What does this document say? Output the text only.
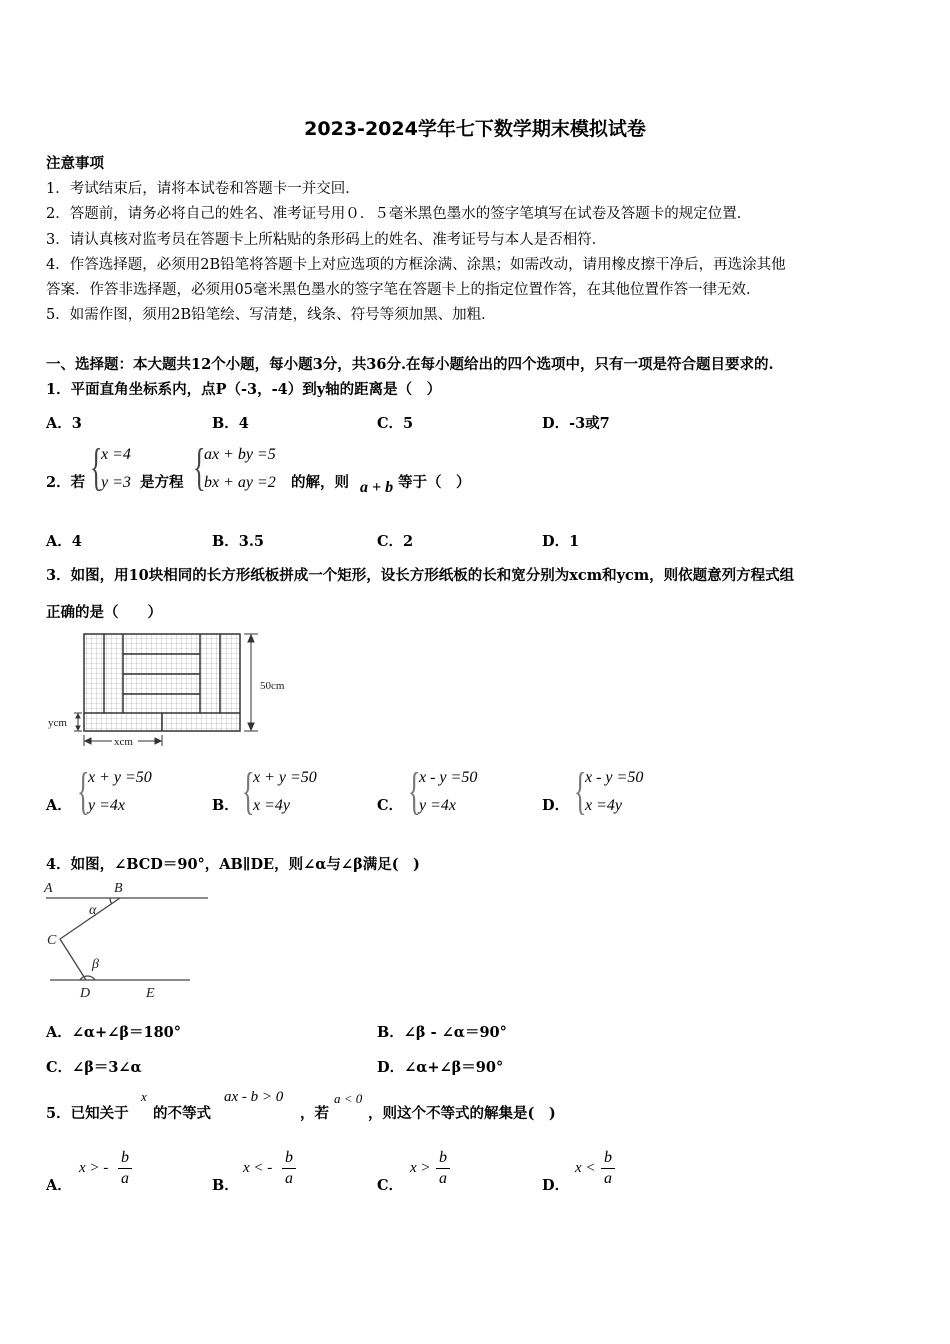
2023-2024学年七下数学期末模拟试卷
注意事项
1．考试结束后，请将本试卷和答题卡一并交回．
2．答题前，请务必将自己的姓名、准考证号用０．５毫米黑色墨水的签字笔填写在试卷及答题卡的规定位置．
3．请认真核对监考员在答题卡上所粘贴的条形码上的姓名、准考证号与本人是否相符．
4．作答选择题，必须用2B铅笔将答题卡上对应选项的方框涂满、涂黑；如需改动，请用橡皮擦干净后，再选涂其他
答案．作答非选择题，必须用05毫米黑色墨水的签字笔在答题卡上的指定位置作答，在其他位置作答一律无效．
5．如需作图，须用2B铅笔绘、写清楚，线条、符号等须加黑、加粗．
一、选择题：本大题共12个小题，每小题3分，共36分.在每小题给出的四个选项中，只有一项是符合题目要求的.
1．平面直角坐标系内，点P（-3，-4）到y轴的距离是（　）
A．3	B．4	C．5	D．-3或7
2．若 {
x =4
y =3 是方程 {
ax + by =5
bx + ay =2 的解，则 a + b 等于（　）
A．4	B．3.5	C．2	D．1
3．如图，用10块相同的长方形纸板拼成一个矩形，设长方形纸板的长和宽分别为xcm和ycm，则依题意列方程式组
正确的是（　　）
50cm
ycm
xcm
A． {
x + y =50
y =4x	B． {
x + y =50
x =4y	C． {
x - y =50
y =4x	D． {
x - y =50
x =4y
4．如图，∠BCD＝90°，AB∥DE，则∠α与∠β满足(　)
A	B
C
D	E
α
β
A．∠α+∠β＝180°	B．∠β - ∠α＝90°
C．∠β＝3∠α	D．∠α+∠β＝90°
5．已知关于
x
的不等式
ax - b > 0
，若
a < 0
，则这个不等式的解集是(　)
A．
x > -
b
a	B．
x < -
b
a	C．
x >
b
a	D．
x <
b
a
